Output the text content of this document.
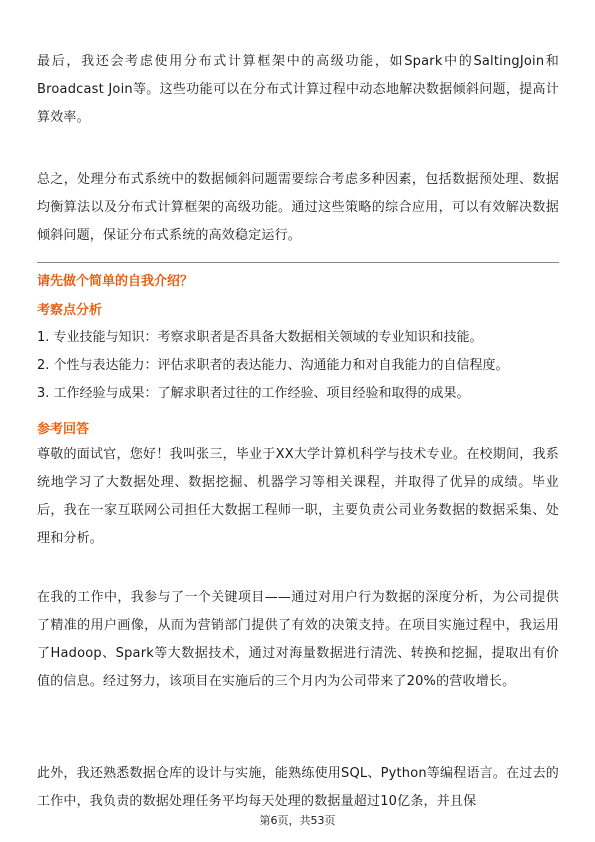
最后，我还会考虑使用分布式计算框架中的高级功能，如Spark中的SaltingJoin和Broadcast Join等。这些功能可以在分布式计算过程中动态地解决数据倾斜问题，提高计算效率。
总之，处理分布式系统中的数据倾斜问题需要综合考虑多种因素，包括数据预处理、数据均衡算法以及分布式计算框架的高级功能。通过这些策略的综合应用，可以有效解决数据倾斜问题，保证分布式系统的高效稳定运行。
请先做个简单的自我介绍？
考察点分析
1. 专业技能与知识：考察求职者是否具备大数据相关领域的专业知识和技能。
2. 个性与表达能力：评估求职者的表达能力、沟通能力和对自我能力的自信程度。
3. 工作经验与成果：了解求职者过往的工作经验、项目经验和取得的成果。
参考回答
尊敬的面试官，您好！我叫张三，毕业于XX大学计算机科学与技术专业。在校期间，我系统地学习了大数据处理、数据挖掘、机器学习等相关课程，并取得了优异的成绩。毕业后，我在一家互联网公司担任大数据工程师一职，主要负责公司业务数据的数据采集、处理和分析。
在我的工作中，我参与了一个关键项目——通过对用户行为数据的深度分析，为公司提供了精准的用户画像，从而为营销部门提供了有效的决策支持。在项目实施过程中，我运用了Hadoop、Spark等大数据技术，通过对海量数据进行清洗、转换和挖掘，提取出有价值的信息。经过努力，该项目在实施后的三个月内为公司带来了20%的营收增长。
此外，我还熟悉数据仓库的设计与实施，能熟练使用SQL、Python等编程语言。在过去的工作中，我负责的数据处理任务平均每天处理的数据量超过10亿条，并且保
第6页，共53页
